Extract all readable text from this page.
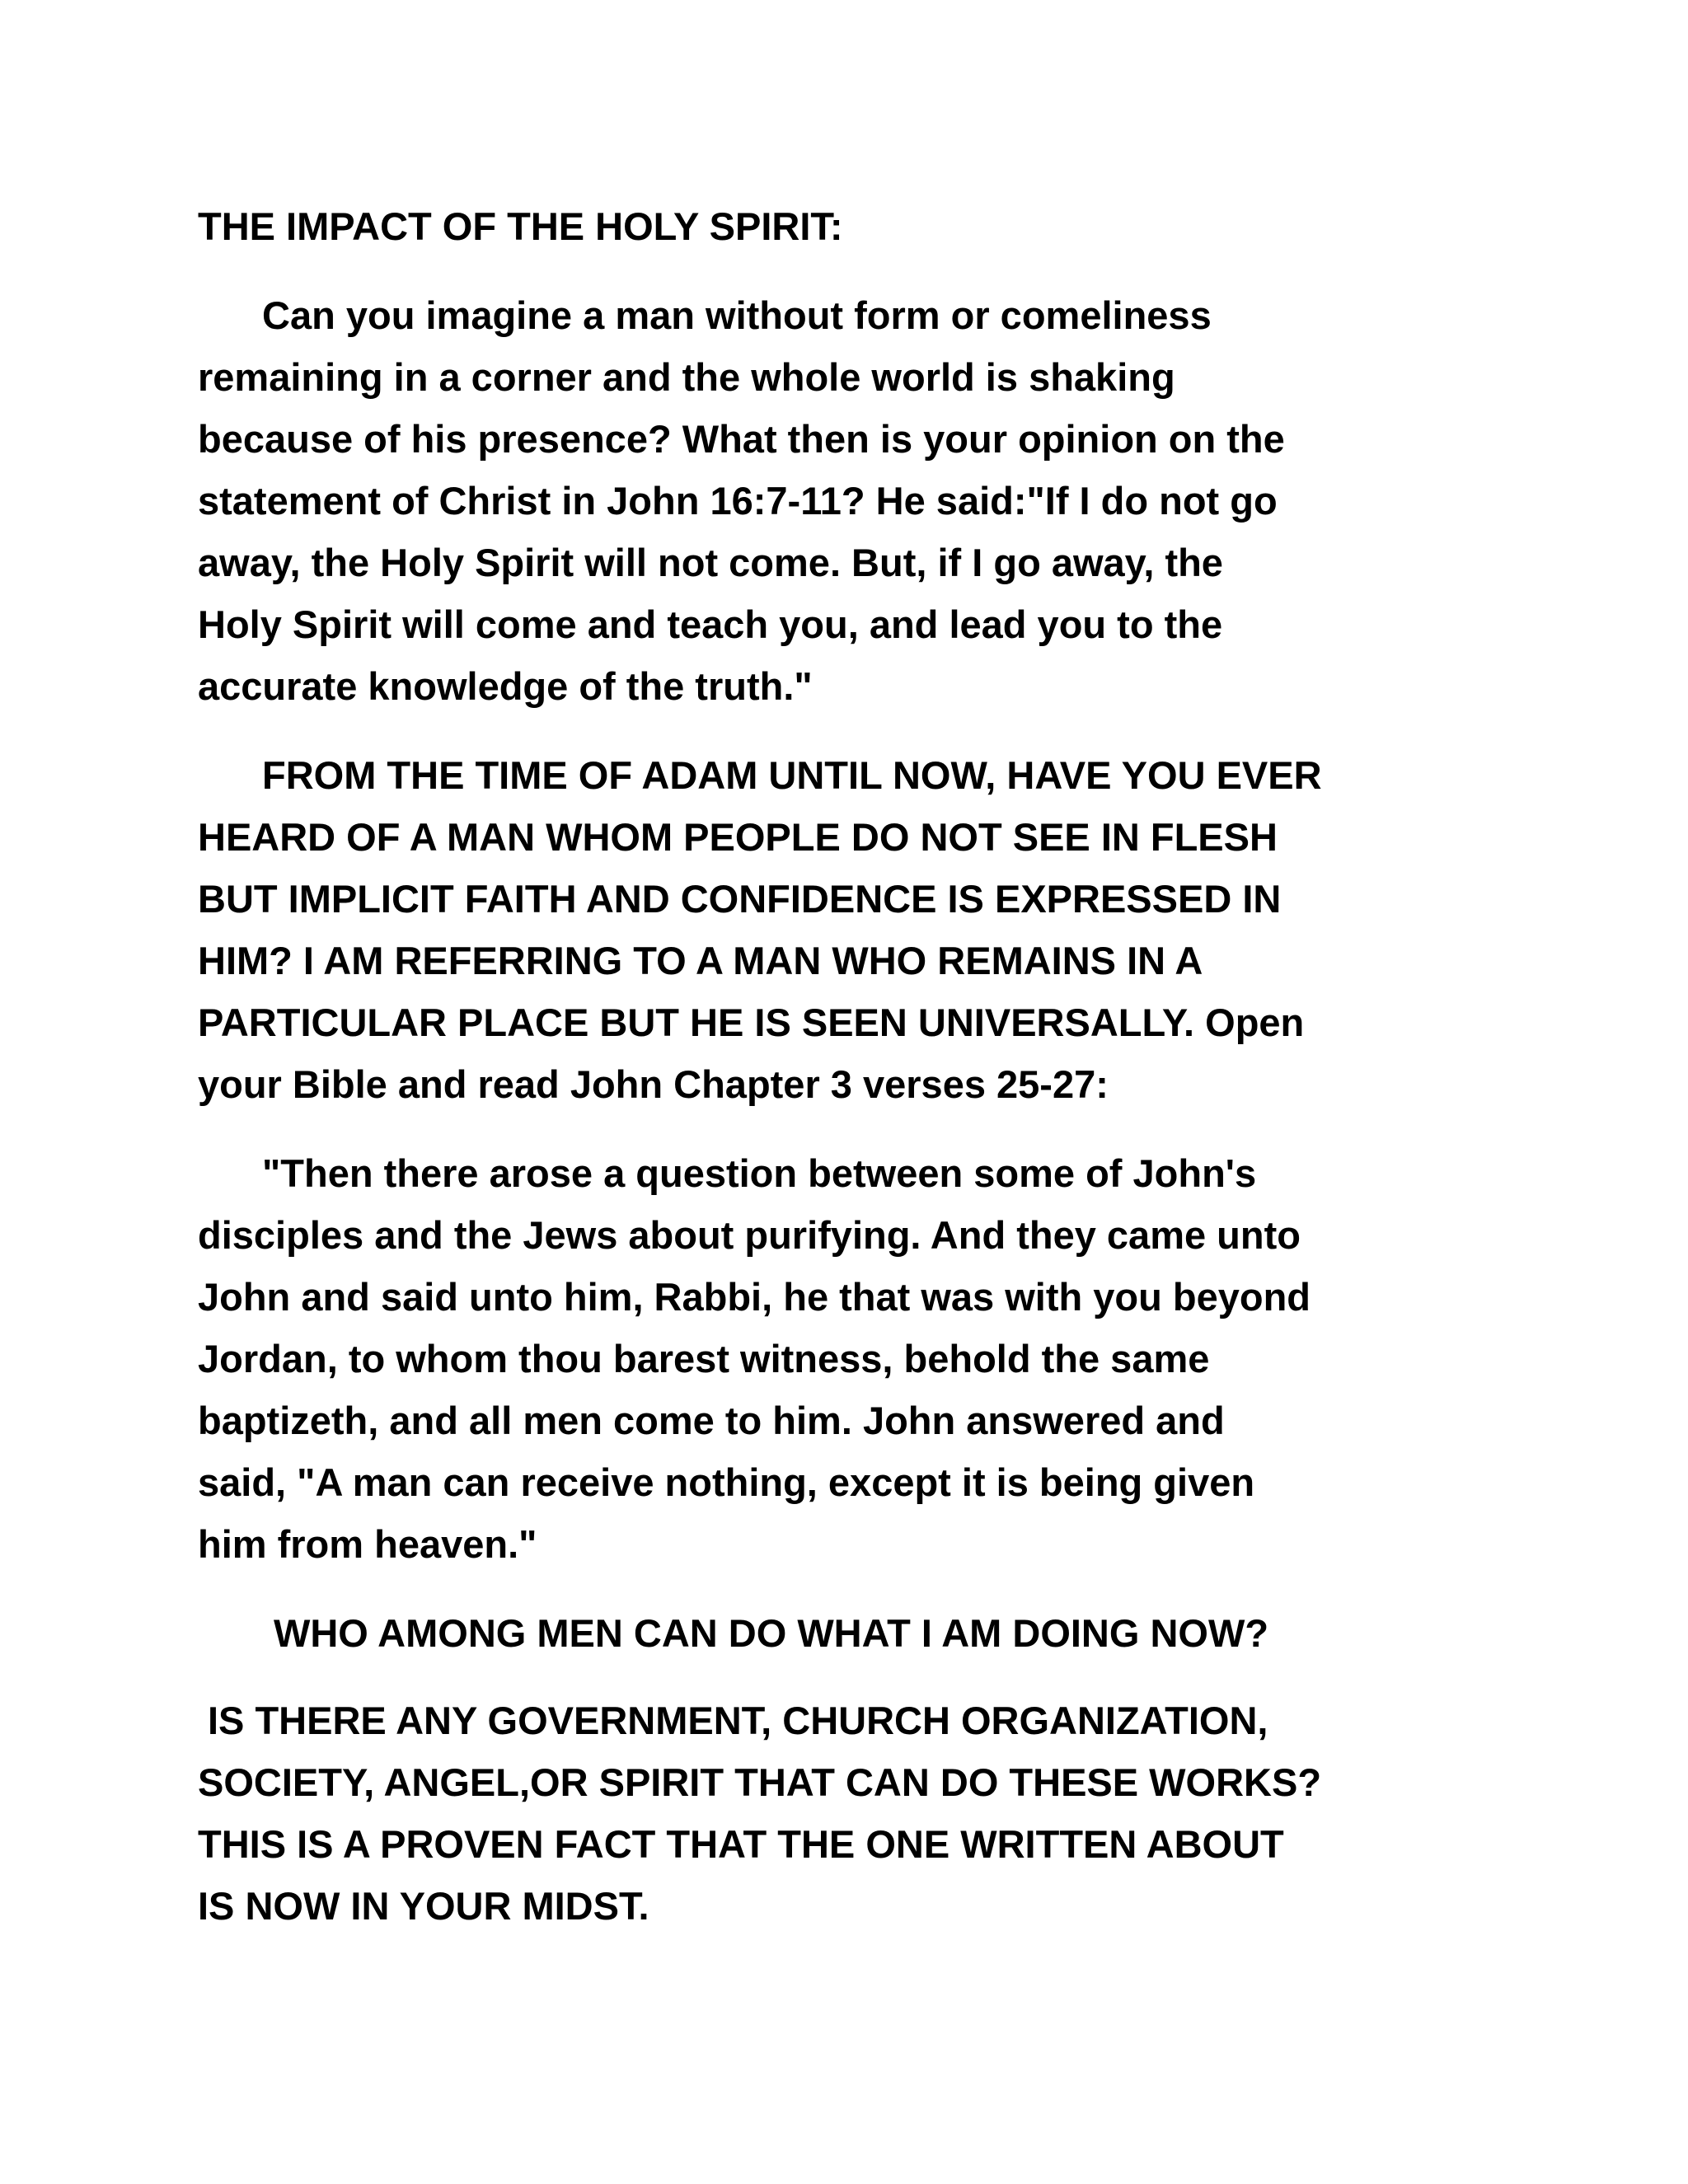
THE IMPACT OF THE HOLY SPIRIT:

Can you imagine a man without form or comeliness
remaining in a corner and the whole world is shaking
because of his presence? What then is your opinion on the
statement of Christ in John 16:7-11? He said:"If I do not go
away, the Holy Spirit will not come. But, if I go away, the
Holy Spirit will come and teach you, and lead you to the
accurate knowledge of the truth."

FROM THE TIME OF ADAM UNTIL NOW, HAVE YOU EVER
HEARD OF A MAN WHOM PEOPLE DO NOT SEE IN FLESH
BUT IMPLICIT FAITH AND CONFIDENCE IS EXPRESSED IN
HIM? I AM REFERRING TO A MAN WHO REMAINS IN A
PARTICULAR PLACE BUT HE IS SEEN UNIVERSALLY. Open
your Bible and read John Chapter 3 verses 25-27:

"Then there arose a question between some of John's
disciples and the Jews about purifying. And they came unto
John and said unto him, Rabbi, he that was with you beyond
Jordan, to whom thou barest witness, behold the same
baptizeth, and all men come to him. John answered and
said, "A man can receive nothing, except it is being given
him from heaven."

WHO AMONG MEN CAN DO WHAT I AM DOING NOW?

IS THERE ANY GOVERNMENT, CHURCH ORGANIZATION,
SOCIETY, ANGEL,OR SPIRIT THAT CAN DO THESE WORKS?
THIS IS A PROVEN FACT THAT THE ONE WRITTEN ABOUT
IS NOW IN YOUR MIDST.
